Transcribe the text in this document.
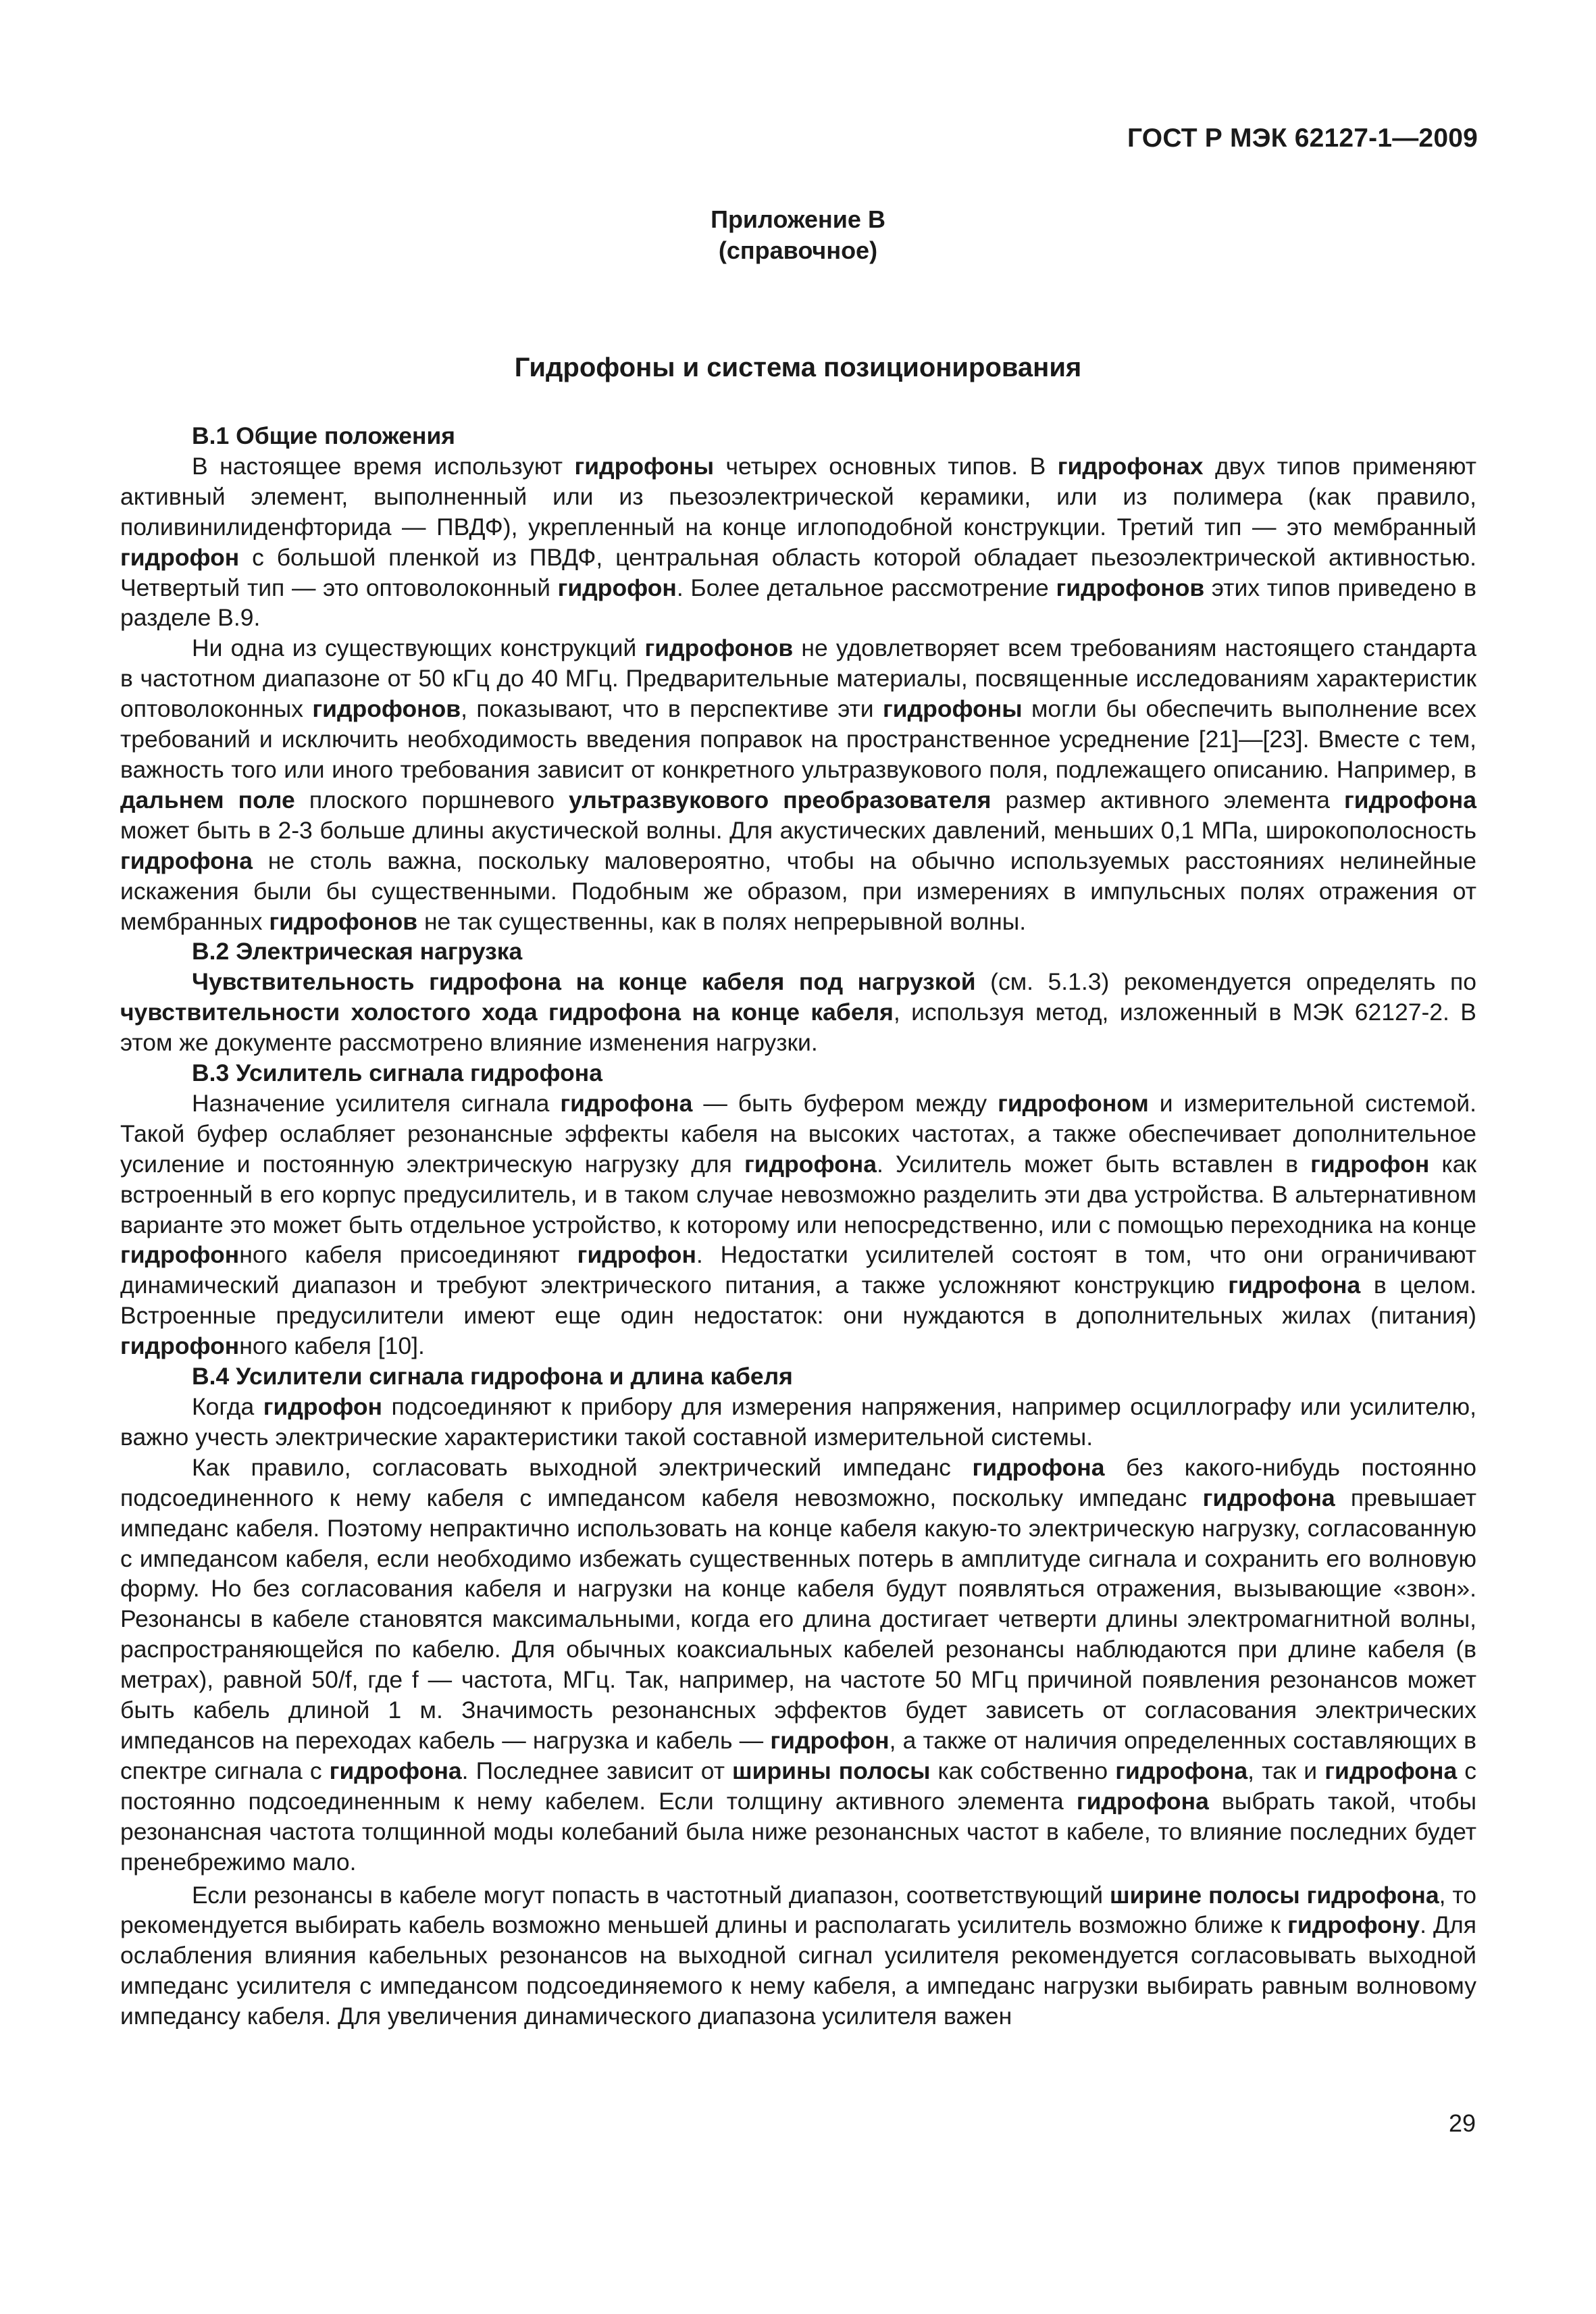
ГОСТ Р МЭК 62127-1—2009
Приложение В
(справочное)
Гидрофоны и система позиционирования
В.1 Общие положения

В настоящее время используют гидрофоны четырех основных типов. В гидрофонах двух типов применяют активный элемент, выполненный или из пьезоэлектрической керамики, или из полимера (как правило, поливинилиденфторида — ПВДФ), укрепленный на конце иглоподобной конструкции. Третий тип — это мембранный гидрофон с большой пленкой из ПВДФ, центральная область которой обладает пьезоэлектрической активностью. Четвертый тип — это оптоволоконный гидрофон. Более детальное рассмотрение гидрофонов этих типов приведено в разделе В.9.

Ни одна из существующих конструкций гидрофонов не удовлетворяет всем требованиям настоящего стандарта в частотном диапазоне от 50 кГц до 40 МГц. Предварительные материалы, посвященные исследованиям характеристик оптоволоконных гидрофонов, показывают, что в перспективе эти гидрофоны могли бы обеспечить выполнение всех требований и исключить необходимость введения поправок на пространственное усреднение [21]—[23]. Вместе с тем, важность того или иного требования зависит от конкретного ультразвукового поля, подлежащего описанию. Например, в дальнем поле плоского поршневого ультразвукового преобразователя размер активного элемента гидрофона может быть в 2-3 больше длины акустической волны. Для акустических давлений, меньших 0,1 МПа, широкополосность гидрофона не столь важна, поскольку маловероятно, чтобы на обычно используемых расстояниях нелинейные искажения были бы существенными. Подобным же образом, при измерениях в импульсных полях отражения от мембранных гидрофонов не так существенны, как в полях непрерывной волны.

В.2 Электрическая нагрузка

Чувствительность гидрофона на конце кабеля под нагрузкой (см. 5.1.3) рекомендуется определять по чувствительности холостого хода гидрофона на конце кабеля, используя метод, изложенный в МЭК 62127-2. В этом же документе рассмотрено влияние изменения нагрузки.

В.3 Усилитель сигнала гидрофона

Назначение усилителя сигнала гидрофона — быть буфером между гидрофоном и измерительной системой. Такой буфер ослабляет резонансные эффекты кабеля на высоких частотах, а также обеспечивает дополнительное усиление и постоянную электрическую нагрузку для гидрофона. Усилитель может быть вставлен в гидрофон как встроенный в его корпус предусилитель, и в таком случае невозможно разделить эти два устройства. В альтернативном варианте это может быть отдельное устройство, к которому или непосредственно, или с помощью переходника на конце гидрофонного кабеля присоединяют гидрофон. Недостатки усилителей состоят в том, что они ограничивают динамический диапазон и требуют электрического питания, а также усложняют конструкцию гидрофона в целом. Встроенные предусилители имеют еще один недостаток: они нуждаются в дополнительных жилах (питания) гидрофонного кабеля [10].

В.4 Усилители сигнала гидрофона и длина кабеля

Когда гидрофон подсоединяют к прибору для измерения напряжения, например осциллографу или усилителю, важно учесть электрические характеристики такой составной измерительной системы.

Как правило, согласовать выходной электрический импеданс гидрофона без какого-нибудь постоянно подсоединенного к нему кабеля с импедансом кабеля невозможно, поскольку импеданс гидрофона превышает импеданс кабеля. Поэтому непрактично использовать на конце кабеля какую-то электрическую нагрузку, согласованную с импедансом кабеля, если необходимо избежать существенных потерь в амплитуде сигнала и сохранить его волновую форму. Но без согласования кабеля и нагрузки на конце кабеля будут появляться отражения, вызывающие «звон». Резонансы в кабеле становятся максимальными, когда его длина достигает четверти длины электромагнитной волны, распространяющейся по кабелю. Для обычных коаксиальных кабелей резонансы наблюдаются при длине кабеля (в метрах), равной 50/f, где f — частота, МГц. Так, например, на частоте 50 МГц причиной появления резонансов может быть кабель длиной 1 м. Значимость резонансных эффектов будет зависеть от согласования электрических импедансов на переходах кабель — нагрузка и кабель — гидрофон, а также от наличия определенных составляющих в спектре сигнала с гидрофона. Последнее зависит от ширины полосы как собственно гидрофона, так и гидрофона с постоянно подсоединенным к нему кабелем. Если толщину активного элемента гидрофона выбрать такой, чтобы резонансная частота толщинной моды колебаний была ниже резонансных частот в кабеле, то влияние последних будет пренебрежимо мало.

Если резонансы в кабеле могут попасть в частотный диапазон, соответствующий ширине полосы гидрофона, то рекомендуется выбирать кабель возможно меньшей длины и располагать усилитель возможно ближе к гидрофону. Для ослабления влияния кабельных резонансов на выходной сигнал усилителя рекомендуется согласовывать выходной импеданс усилителя с импедансом подсоединяемого к нему кабеля, а импеданс нагрузки выбирать равным волновому импедансу кабеля. Для увеличения динамического диапазона усилителя важен

29
